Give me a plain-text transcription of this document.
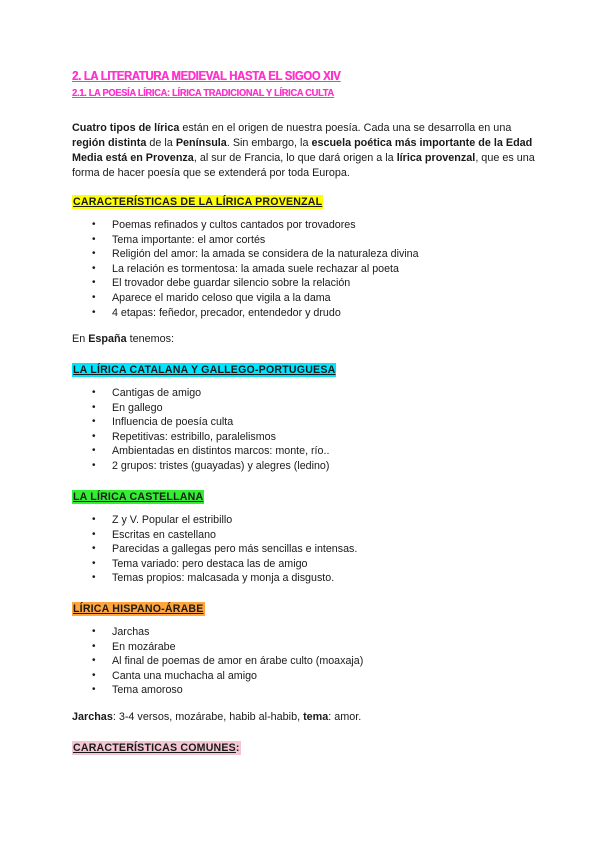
2. LA LITERATURA MEDIEVAL HASTA EL SIGOO XIV
2.1. LA POESÍA LÍRICA: LÍRICA TRADICIONAL Y LÍRICA CULTA
Cuatro tipos de lírica están en el origen de nuestra poesía. Cada una se desarrolla en una región distinta de la Península. Sin embargo, la escuela poética más importante de la Edad Media está en Provenza, al sur de Francia, lo que dará origen a la lírica provenzal, que es una forma de hacer poesía que se extenderá por toda Europa.
CARACTERÍSTICAS DE LA LÍRICA PROVENZAL
• Poemas refinados y cultos cantados por trovadores
• Tema importante: el amor cortés
• Religión del amor: la amada se considera de la naturaleza divina
• La relación es tormentosa: la amada suele rechazar al poeta
• El trovador debe guardar silencio sobre la relación
• Aparece el marido celoso que vigila a la dama
• 4 etapas: feñedor, precador, entendedor y drudo
En España tenemos:
LA LÍRICA CATALANA Y GALLEGO-PORTUGUESA
• Cantigas de amigo
• En gallego
• Influencia de poesía culta
• Repetitivas: estribillo, paralelismos
• Ambientadas en distintos marcos: monte, río..
• 2 grupos: tristes (guayadas) y alegres (ledino)
LA LÍRICA CASTELLANA
• Z y V. Popular el estribillo
• Escritas en castellano
• Parecidas a gallegas pero más sencillas e intensas.
• Tema variado: pero destaca las de amigo
• Temas propios: malcasada y monja a disgusto.
LÍRICA HISPANO-ÁRABE
• Jarchas
• En mozárabe
• Al final de poemas de amor en árabe culto (moaxaja)
• Canta una muchacha al amigo
• Tema amoroso
Jarchas: 3-4 versos, mozárabe, habib al-habib, tema: amor.
CARACTERÍSTICAS COMUNES:
